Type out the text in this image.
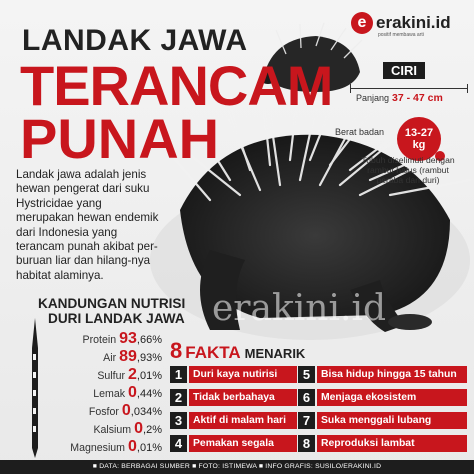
erakini.id
e erakini.id
positif membawa arti
LANDAK JAWA
TERANCAM
PUNAH
Landak jawa adalah jenis hewan pengerat dari suku Hystricidae yang merupakan hewan endemik dari Indonesia yang terancam punah akibat per-buruan liar dan hilang-nya habitat alaminya.
CIRI
Panjang 37 - 47 cm
Berat badan 13-27
kg
Tubuh diselimuti dengan rambut halus (rambut peraba dan duri)
KANDUNGAN NUTRISI
DURI LANDAK JAWA
Protein 93 ,66%
Air 89 ,93%
Sulfur 2 ,01%
Lemak 0 ,44%
Fosfor 0 ,034%
Kalsium 0 ,2%
Magnesium 0 ,01%
8 FAKTA MENARIK
1	Duri kaya nutirisi
2	Tidak berbahaya
3	Aktif di malam hari
4	Pemakan segala
5	Bisa hidup hingga 15 tahun
6	Menjaga ekosistem
7	Suka menggali lubang
8	Reproduksi lambat
■ DATA: BERBAGAI SUMBER ■ FOTO: ISTIMEWA ■ INFO GRAFIS: SUSILO/ERAKINI.ID
